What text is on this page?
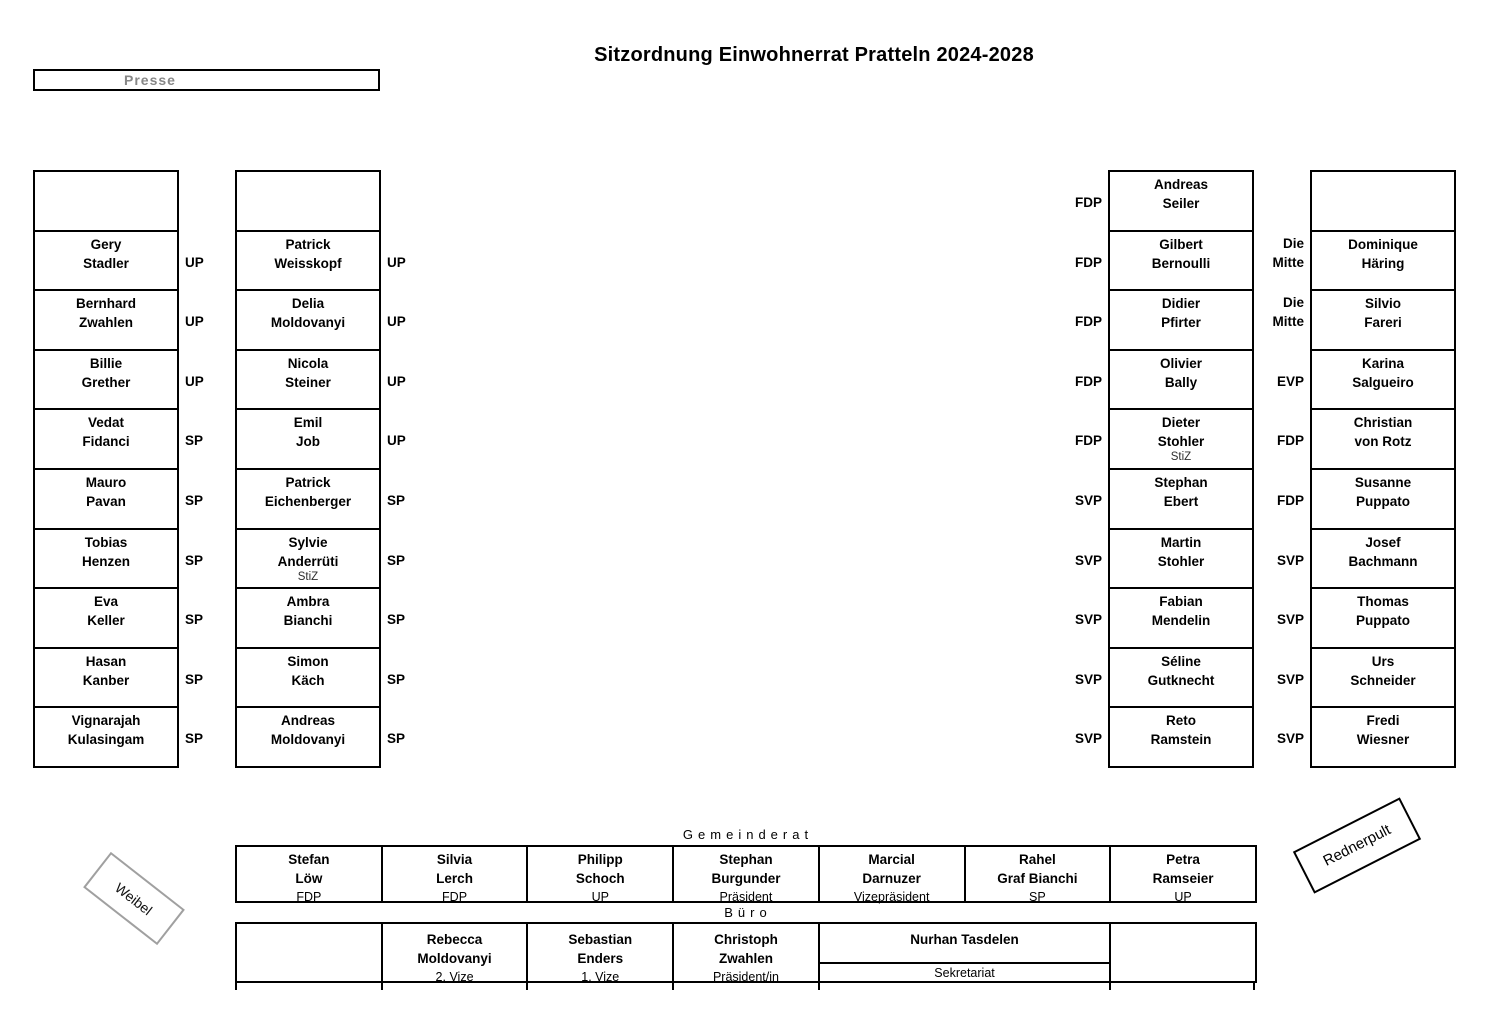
Sitzordnung Einwohnerrat Pratteln 2024-2028
Presse
Gery
Stadler	UP
Bernhard
Zwahlen	UP
Billie
Grether	UP
Vedat
Fidanci	SP
Mauro
Pavan	SP
Tobias
Henzen	SP
Eva
Keller	SP
Hasan
Kanber	SP
Vignarajah
Kulasingam	SP
Patrick
Weisskopf	UP
Delia
Moldovanyi	UP
Nicola
Steiner	UP
Emil
Job	UP
Patrick
Eichenberger	SP
Sylvie
Anderrüti
StiZ
SP
Ambra
Bianchi	SP
Simon
Käch	SP
Andreas
Moldovanyi	SP
Andreas
Seiler
FDP
Gilbert
Bernoulli
FDP
Didier
Pfirter
FDP
Olivier
Bally
FDP
Dieter
Stohler
StiZ
FDP
Stephan
Ebert
SVP
Martin
Stohler
SVP
Fabian
Mendelin
SVP
Séline
Gutknecht
SVP
Reto
Ramstein
SVP
Dominique
Häring
Die Mitte
Silvio
Fareri
Die Mitte
Karina
Salgueiro
EVP
Christian
von Rotz
FDP
Susanne
Puppato
FDP
Josef
Bachmann
SVP
Thomas
Puppato
SVP
Urs
Schneider
SVP
Fredi
Wiesner
SVP
Gemeinderat
Stefan
Löw
FDP
Silvia
Lerch
FDP
Philipp
Schoch
UP
Stephan
Burgunder
Präsident
Marcial
Darnuzer
Vizepräsident
Rahel
Graf Bianchi
SP
Petra
Ramseier
UP
Büro
Rebecca
Moldovanyi
2. Vize
Sebastian
Enders
1. Vize
Christoph
Zwahlen
Präsident/in
Nurhan Tasdelen
Sekretariat
Weibel
Rednerpult
